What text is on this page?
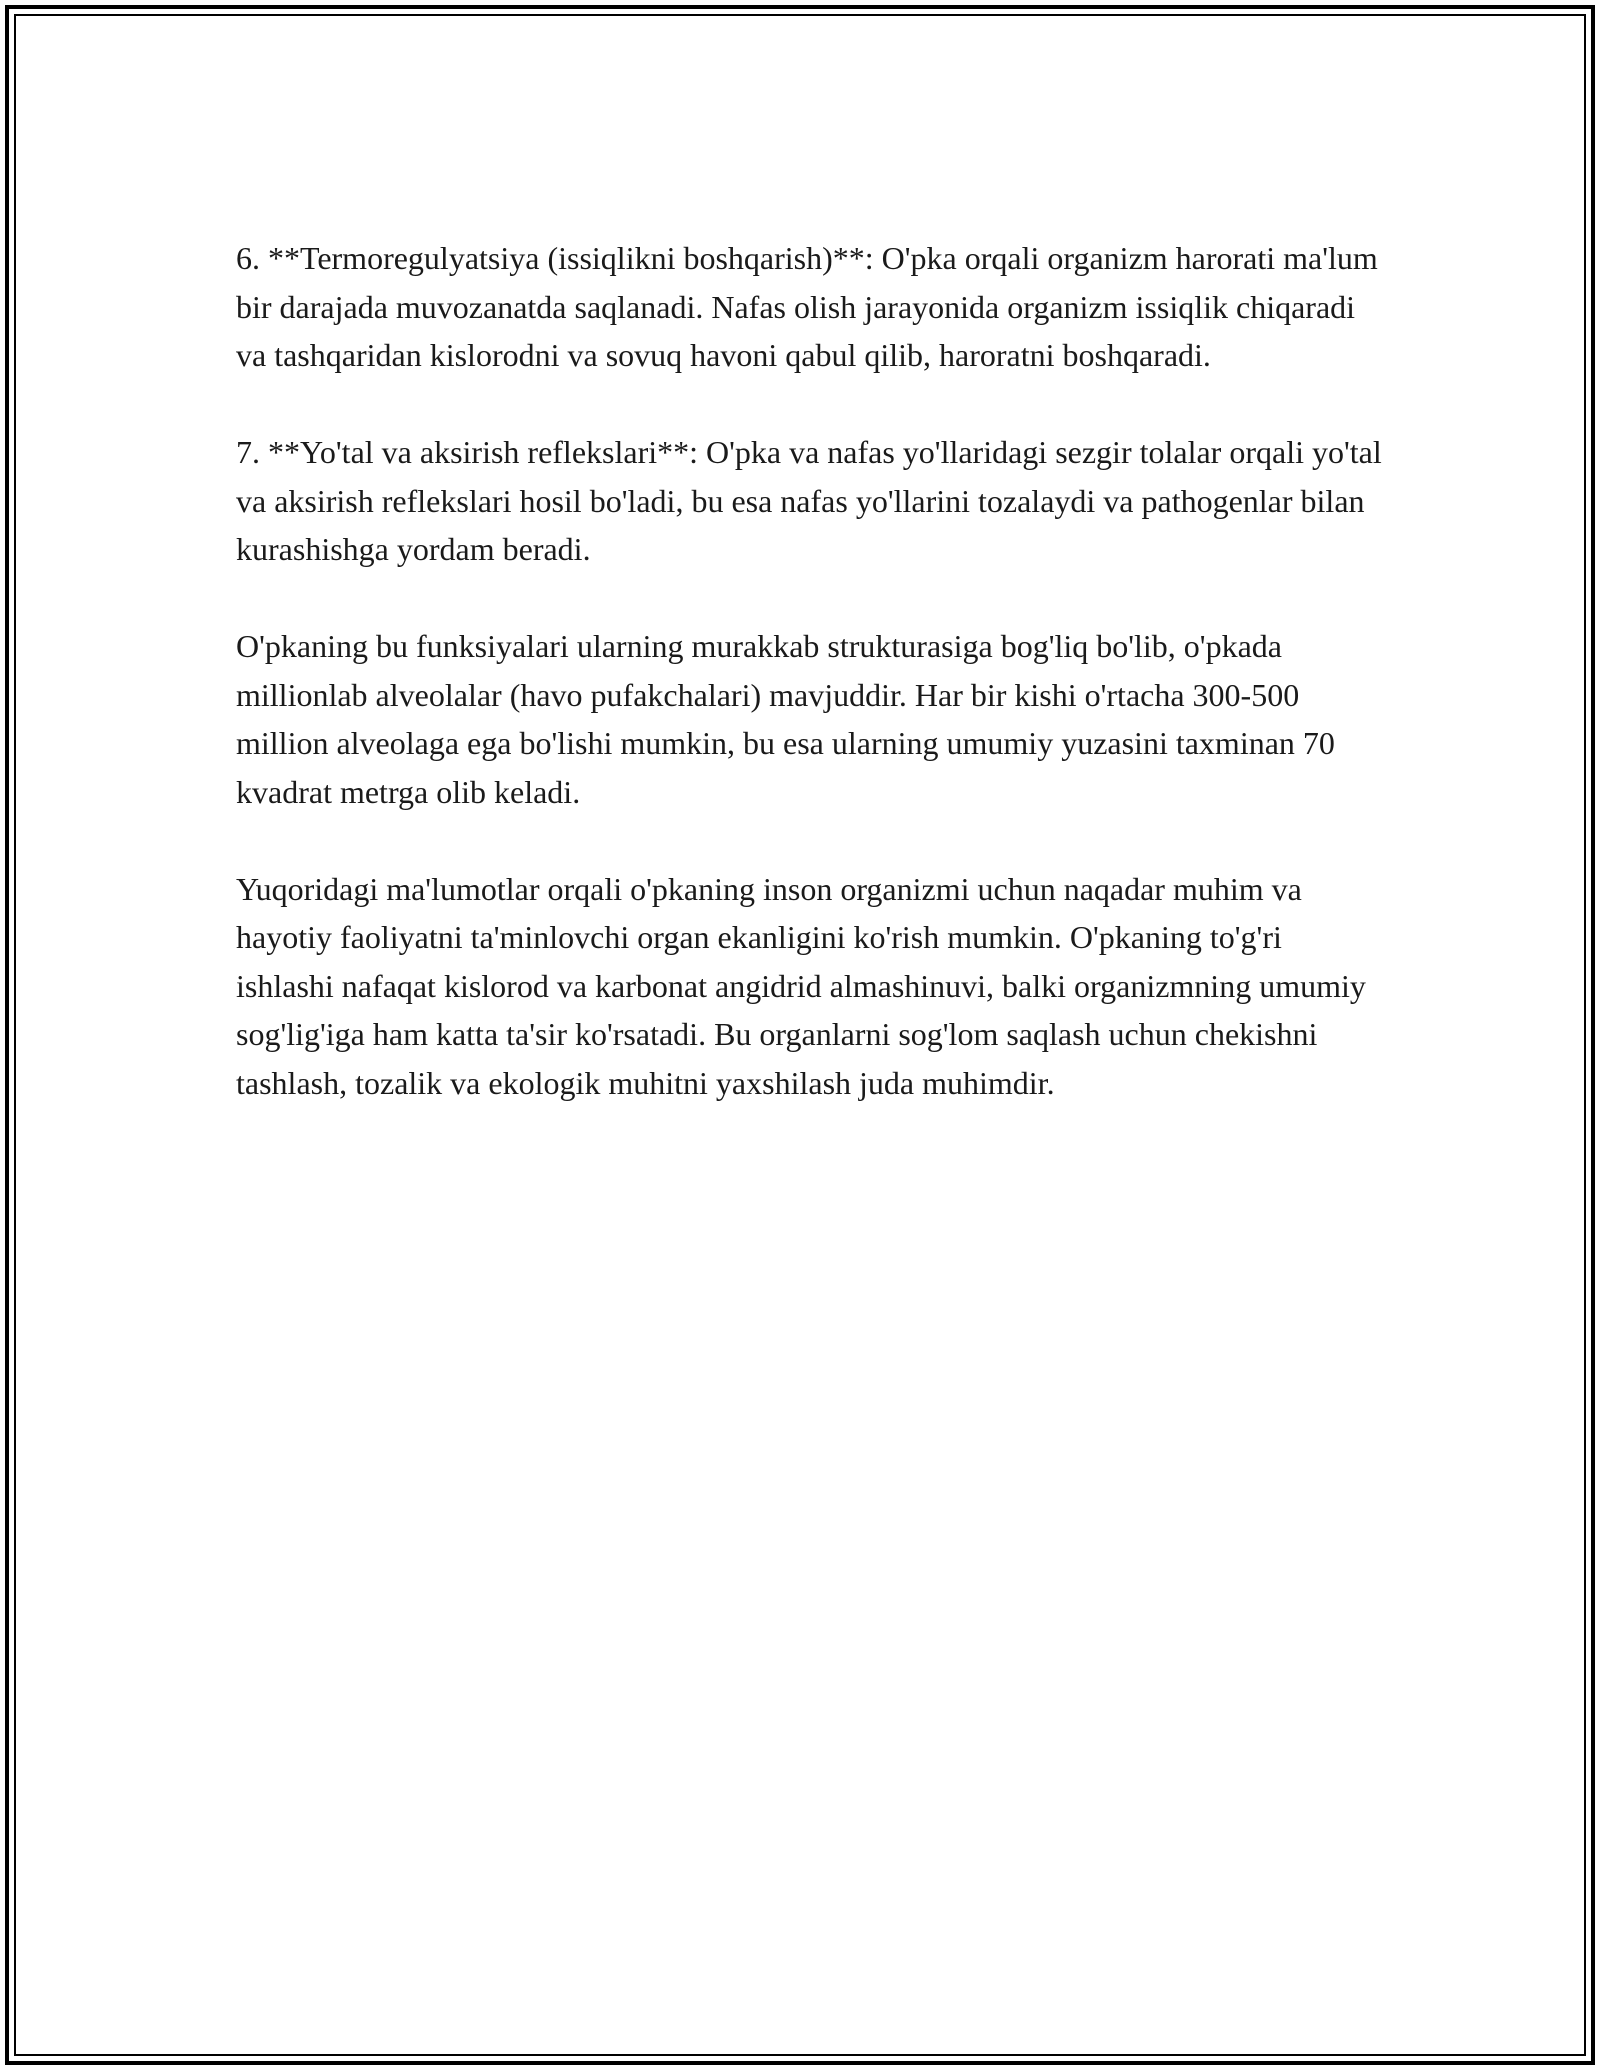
6. **Termoregulyatsiya (issiqlikni boshqarish)**: O'pka orqali organizm harorati ma'lum bir darajada muvozanatda saqlanadi. Nafas olish jarayonida organizm issiqlik chiqaradi va tashqaridan kislorodni va sovuq havoni qabul qilib, haroratni boshqaradi.

7. **Yo'tal va aksirish reflekslari**: O'pka va nafas yo'llaridagi sezgir tolalar orqali yo'tal va aksirish reflekslari hosil bo'ladi, bu esa nafas yo'llarini tozalaydi va pathogenlar bilan kurashishga yordam beradi.

O'pkaning bu funksiyalari ularning murakkab strukturasiga bog'liq bo'lib, o'pkada millionlab alveolalar (havo pufakchalari) mavjuddir. Har bir kishi o'rtacha 300-500 million alveolaga ega bo'lishi mumkin, bu esa ularning umumiy yuzasini taxminan 70 kvadrat metrga olib keladi.

Yuqoridagi ma'lumotlar orqali o'pkaning inson organizmi uchun naqadar muhim va hayotiy faoliyatni ta'minlovchi organ ekanligini ko'rish mumkin. O'pkaning to'g'ri ishlashi nafaqat kislorod va karbonat angidrid almashinuvi, balki organizmning umumiy sog'lig'iga ham katta ta'sir ko'rsatadi. Bu organlarni sog'lom saqlash uchun chekishni tashlash, tozalik va ekologik muhitni yaxshilash juda muhimdir.
